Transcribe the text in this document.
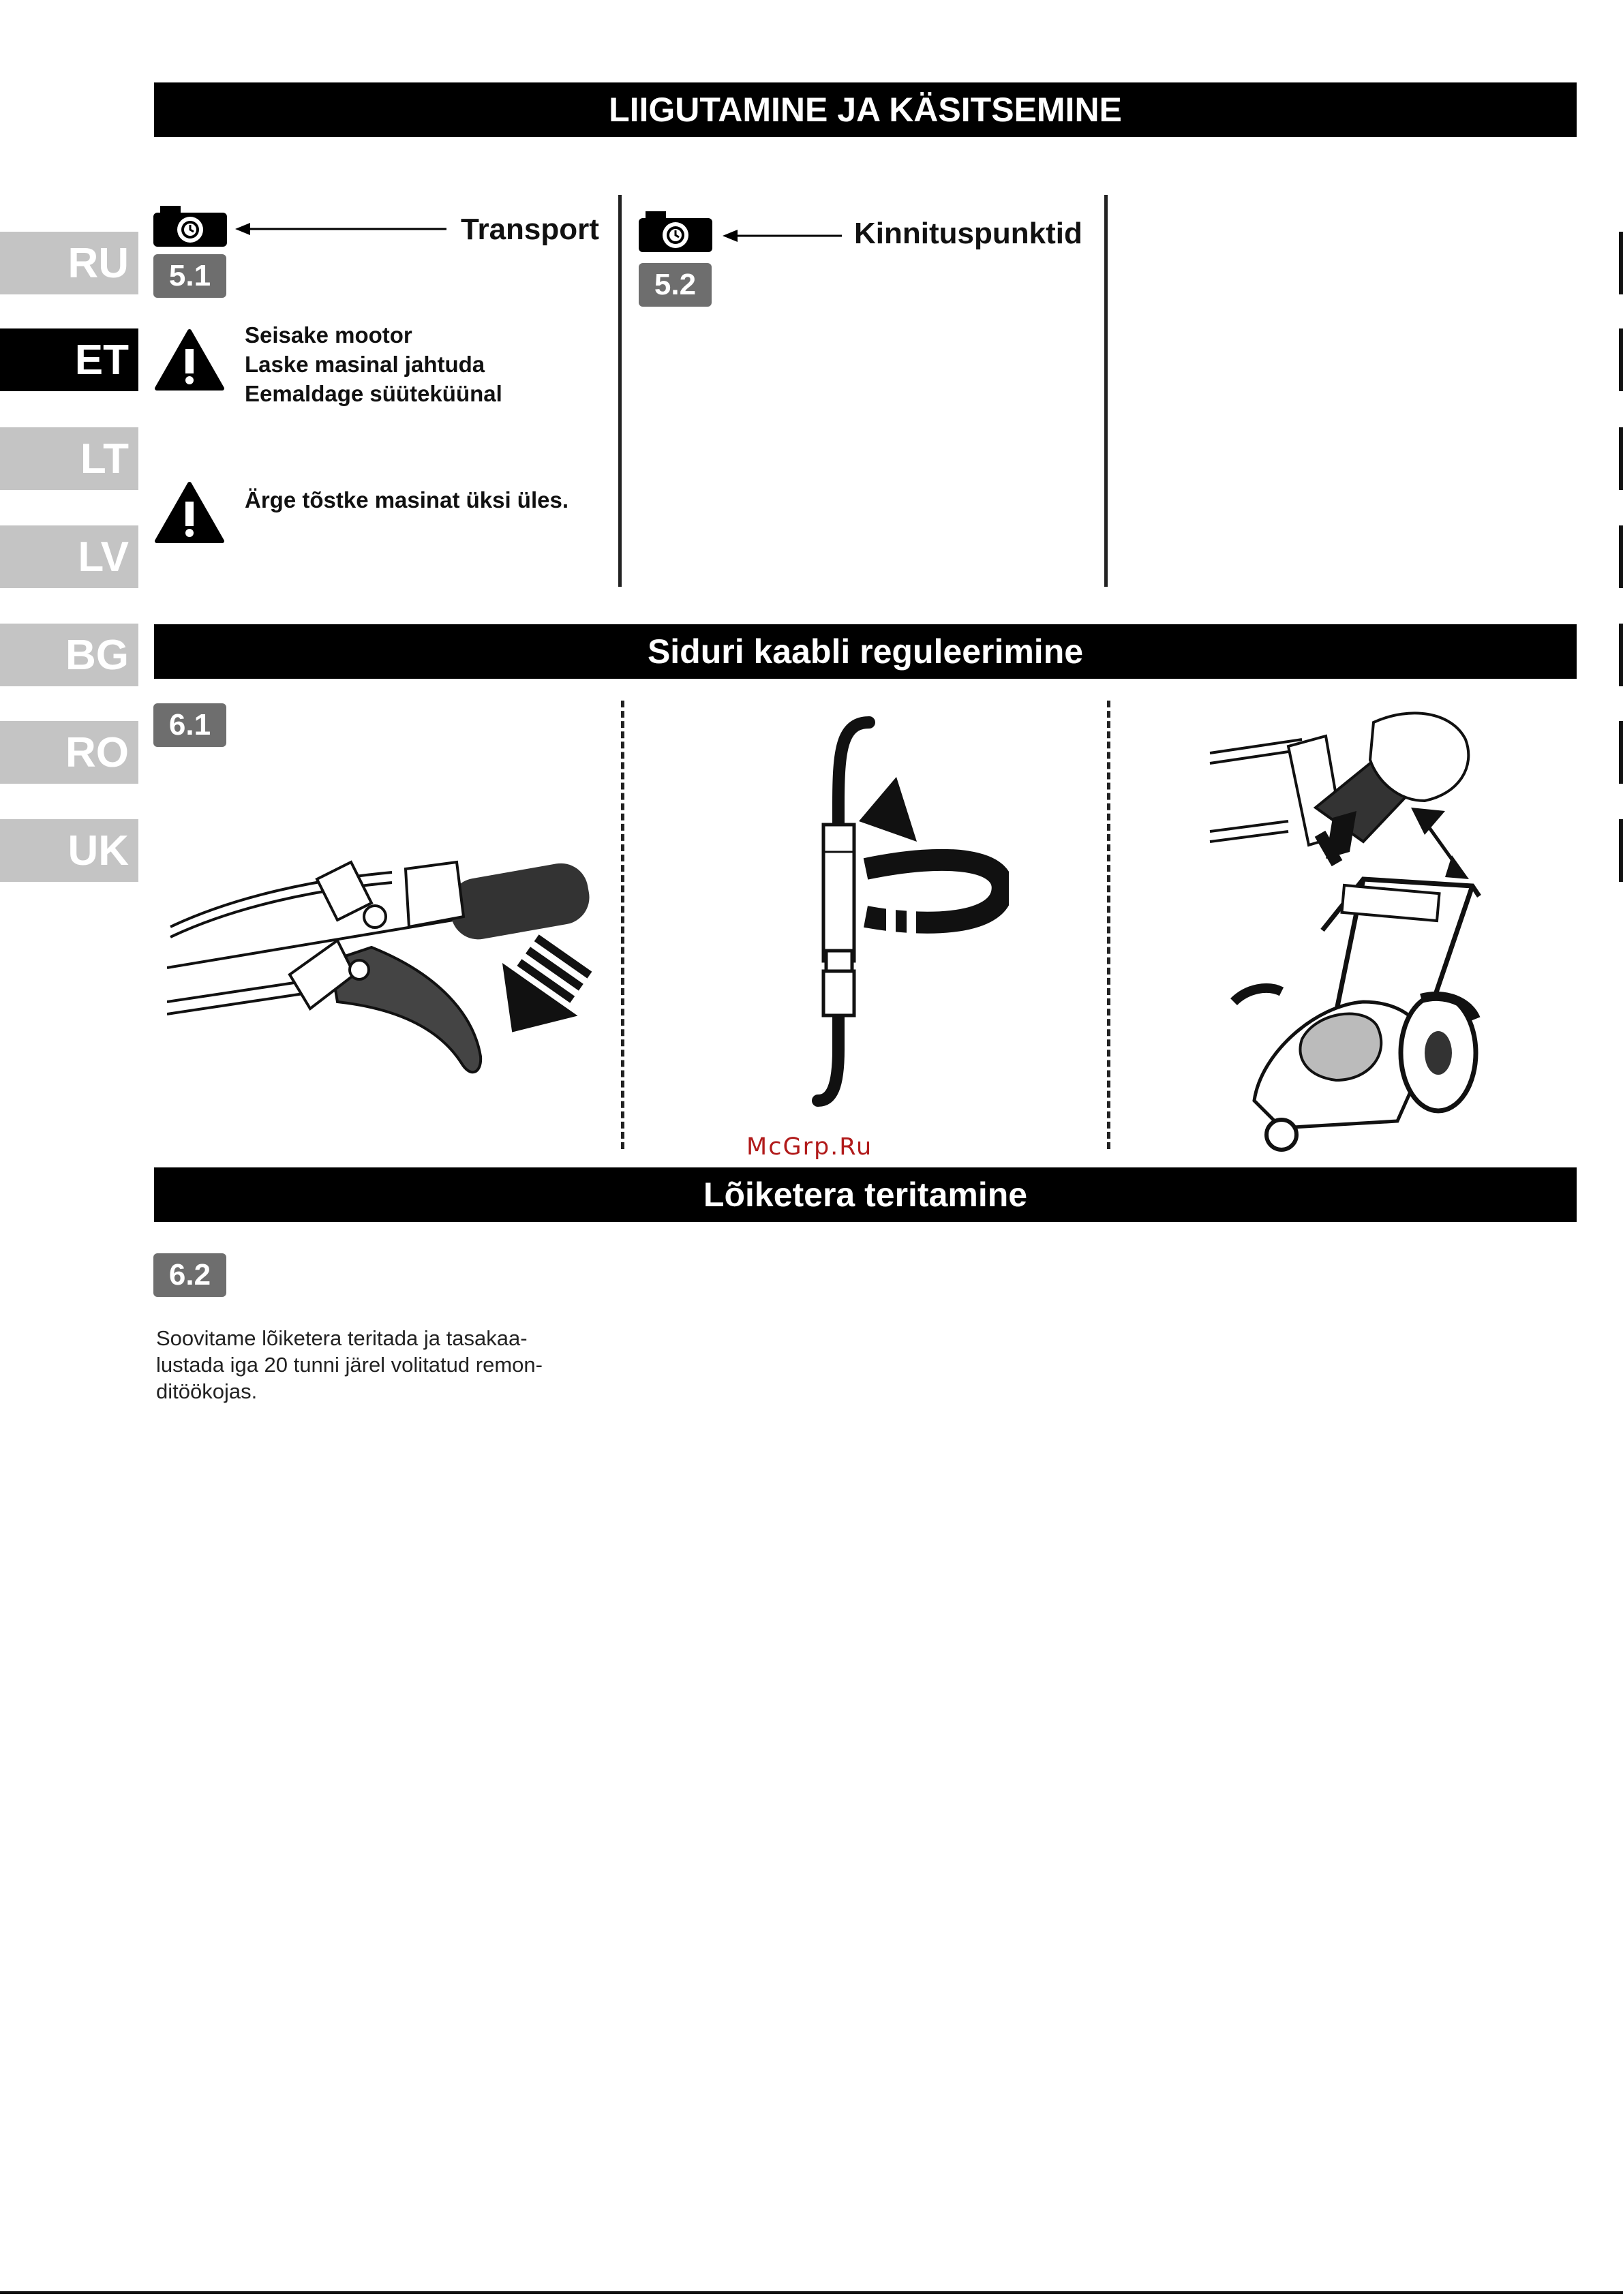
RU
ET
LT
LV
BG
RO
UK
LIIGUTAMINE JA KÄSITSEMINE
Transport
5.1
Seisake mootor
Laske masinal jahtuda
Eemaldage süüteküünal
Ärge tõstke masinat üksi üles.
Kinnituspunktid
5.2
Siduri kaabli reguleerimine
6.1
McGrp.Ru
Lõiketera teritamine
6.2
Soovitame lõiketera teritada ja tasakaa-
lustada iga 20 tunni järel volitatud remon-
ditöökojas.
